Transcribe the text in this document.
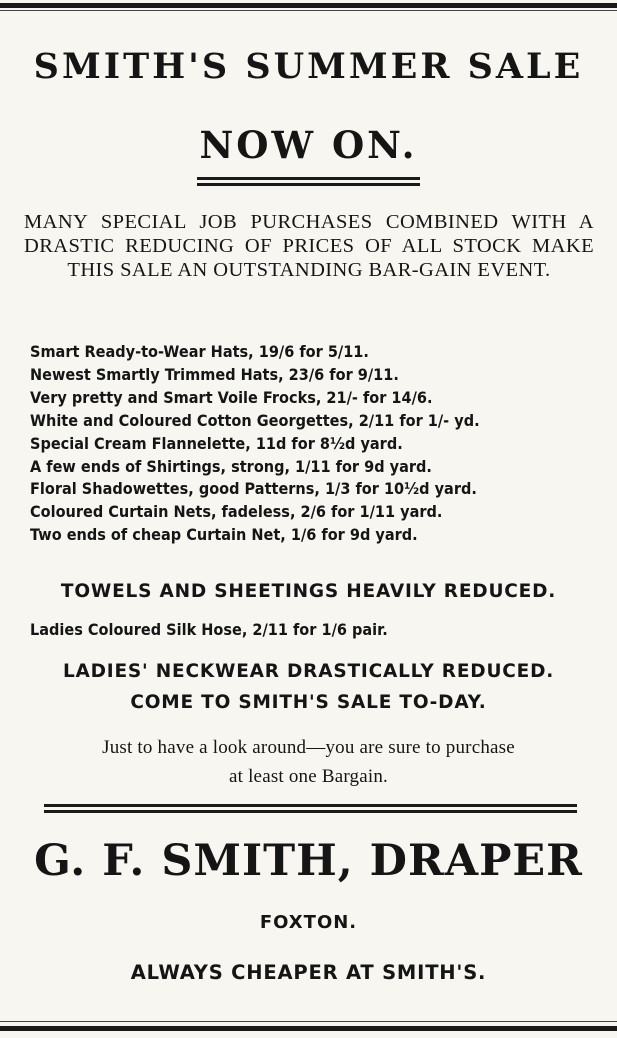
SMITH'S SUMMER SALE
NOW ON.
MANY SPECIAL JOB PURCHASES COMBINED WITH A DRASTIC REDUCING OF PRICES OF ALL STOCK MAKE THIS SALE AN OUTSTANDING BAR-GAIN EVENT.
Smart Ready-to-Wear Hats, 19/6 for 5/11.
Newest Smartly Trimmed Hats, 23/6 for 9/11.
Very pretty and Smart Voile Frocks, 21/- for 14/6.
White and Coloured Cotton Georgettes, 2/11 for 1/- yd.
Special Cream Flannelette, 11d for 8½d yard.
A few ends of Shirtings, strong, 1/11 for 9d yard.
Floral Shadowettes, good Patterns, 1/3 for 10½d yard.
Coloured Curtain Nets, fadeless, 2/6 for 1/11 yard.
Two ends of cheap Curtain Net, 1/6 for 9d yard.
TOWELS AND SHEETINGS HEAVILY REDUCED.
Ladies Coloured Silk Hose, 2/11 for 1/6 pair.
LADIES' NECKWEAR DRASTICALLY REDUCED.
COME TO SMITH'S SALE TO-DAY.
Just to have a look around—you are sure to purchase
at least one Bargain.
G. F. SMITH, DRAPER
FOXTON.
ALWAYS CHEAPER AT SMITH'S.
